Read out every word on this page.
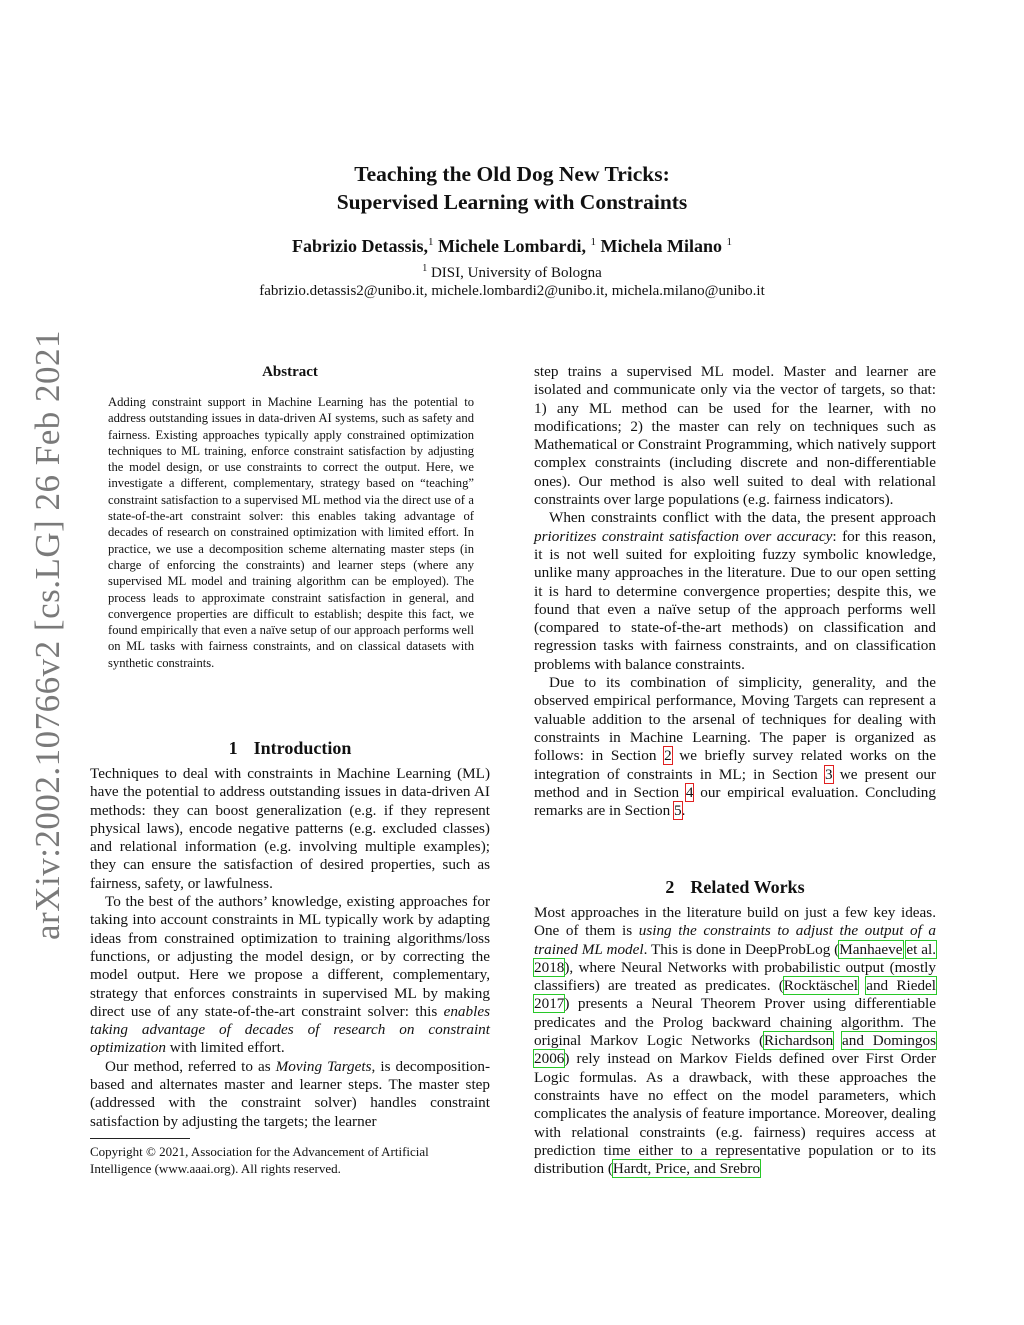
arXiv:2002.10766v2 [cs.LG] 26 Feb 2021
Teaching the Old Dog New Tricks:
Supervised Learning with Constraints
Fabrizio Detassis,$^1$ Michele Lombardi, $^1$ Michela Milano $^1$
$^1$ DISI, University of Bologna
fabrizio.detassis2@unibo.it, michele.lombardi2@unibo.it, michela.milano@unibo.it
Abstract
Adding constraint support in Machine Learning has the potential to address outstanding issues in data-driven AI systems, such as safety and fairness. Existing approaches typically apply constrained optimization techniques to ML training, enforce constraint satisfaction by adjusting the model design, or use constraints to correct the output. Here, we investigate a different, complementary, strategy based on “teaching” constraint satisfaction to a supervised ML method via the direct use of a state-of-the-art constraint solver: this enables taking advantage of decades of research on constrained optimization with limited effort. In practice, we use a decomposition scheme alternating master steps (in charge of enforcing the constraints) and learner steps (where any supervised ML model and training algorithm can be employed). The process leads to approximate constraint satisfaction in general, and convergence properties are difficult to establish; despite this fact, we found empirically that even a naïve setup of our approach performs well on ML tasks with fairness constraints, and on classical datasets with synthetic constraints.
1 Introduction

Techniques to deal with constraints in Machine Learning (ML) have the potential to address outstanding issues in data-driven AI methods: they can boost generalization (e.g. if they represent physical laws), encode negative patterns (e.g. excluded classes) and relational information (e.g. involving multiple examples); they can ensure the satisfaction of desired properties, such as fairness, safety, or lawfulness.

To the best of the authors’ knowledge, existing approaches for taking into account constraints in ML typically work by adapting ideas from constrained optimization to training algorithms/loss functions, or adjusting the model design, or by correcting the model output. Here we propose a different, complementary, strategy that enforces constraints in supervised ML by making direct use of any state-of-the-art constraint solver: this enables taking advantage of decades of research on constraint optimization with limited effort.

Our method, referred to as Moving Targets, is decomposition-based and alternates master and learner steps. The master step (addressed with the constraint solver) handles constraint satisfaction by adjusting the targets; the learner

Copyright © 2021, Association for the Advancement of Artificial Intelligence (www.aaai.org). All rights reserved.

step trains a supervised ML model. Master and learner are isolated and communicate only via the vector of targets, so that: 1) any ML method can be used for the learner, with no modifications; 2) the master can rely on techniques such as Mathematical or Constraint Programming, which natively support complex constraints (including discrete and non-differentiable ones). Our method is also well suited to deal with relational constraints over large populations (e.g. fairness indicators).

When constraints conflict with the data, the present approach prioritizes constraint satisfaction over accuracy: for this reason, it is not well suited for exploiting fuzzy symbolic knowledge, unlike many approaches in the literature. Due to our open setting it is hard to determine convergence properties; despite this, we found that even a naïve setup of the approach performs well (compared to state-of-the-art methods) on classification and regression tasks with fairness constraints, and on classification problems with balance constraints.

Due to its combination of simplicity, generality, and the observed empirical performance, Moving Targets can represent a valuable addition to the arsenal of techniques for dealing with constraints in Machine Learning. The paper is organized as follows: in Section 2 we briefly survey related works on the integration of constraints in ML; in Section 3 we present our method and in Section 4 our empirical evaluation. Concluding remarks are in Section 5.

2 Related Works

Most approaches in the literature build on just a few key ideas. One of them is using the constraints to adjust the output of a trained ML model. This is done in DeepProbLog (Manhaeve et al. 2018), where Neural Networks with probabilistic output (mostly classifiers) are treated as predicates. (Rocktäschel and Riedel 2017) presents a Neural Theorem Prover using differentiable predicates and the Prolog backward chaining algorithm. The original Markov Logic Networks (Richardson and Domingos 2006) rely instead on Markov Fields defined over First Order Logic formulas. As a drawback, with these approaches the constraints have no effect on the model parameters, which complicates the analysis of feature importance. Moreover, dealing with relational constraints (e.g. fairness) requires access at prediction time either to a representative population or to its distribution (Hardt, Price, and Srebro
